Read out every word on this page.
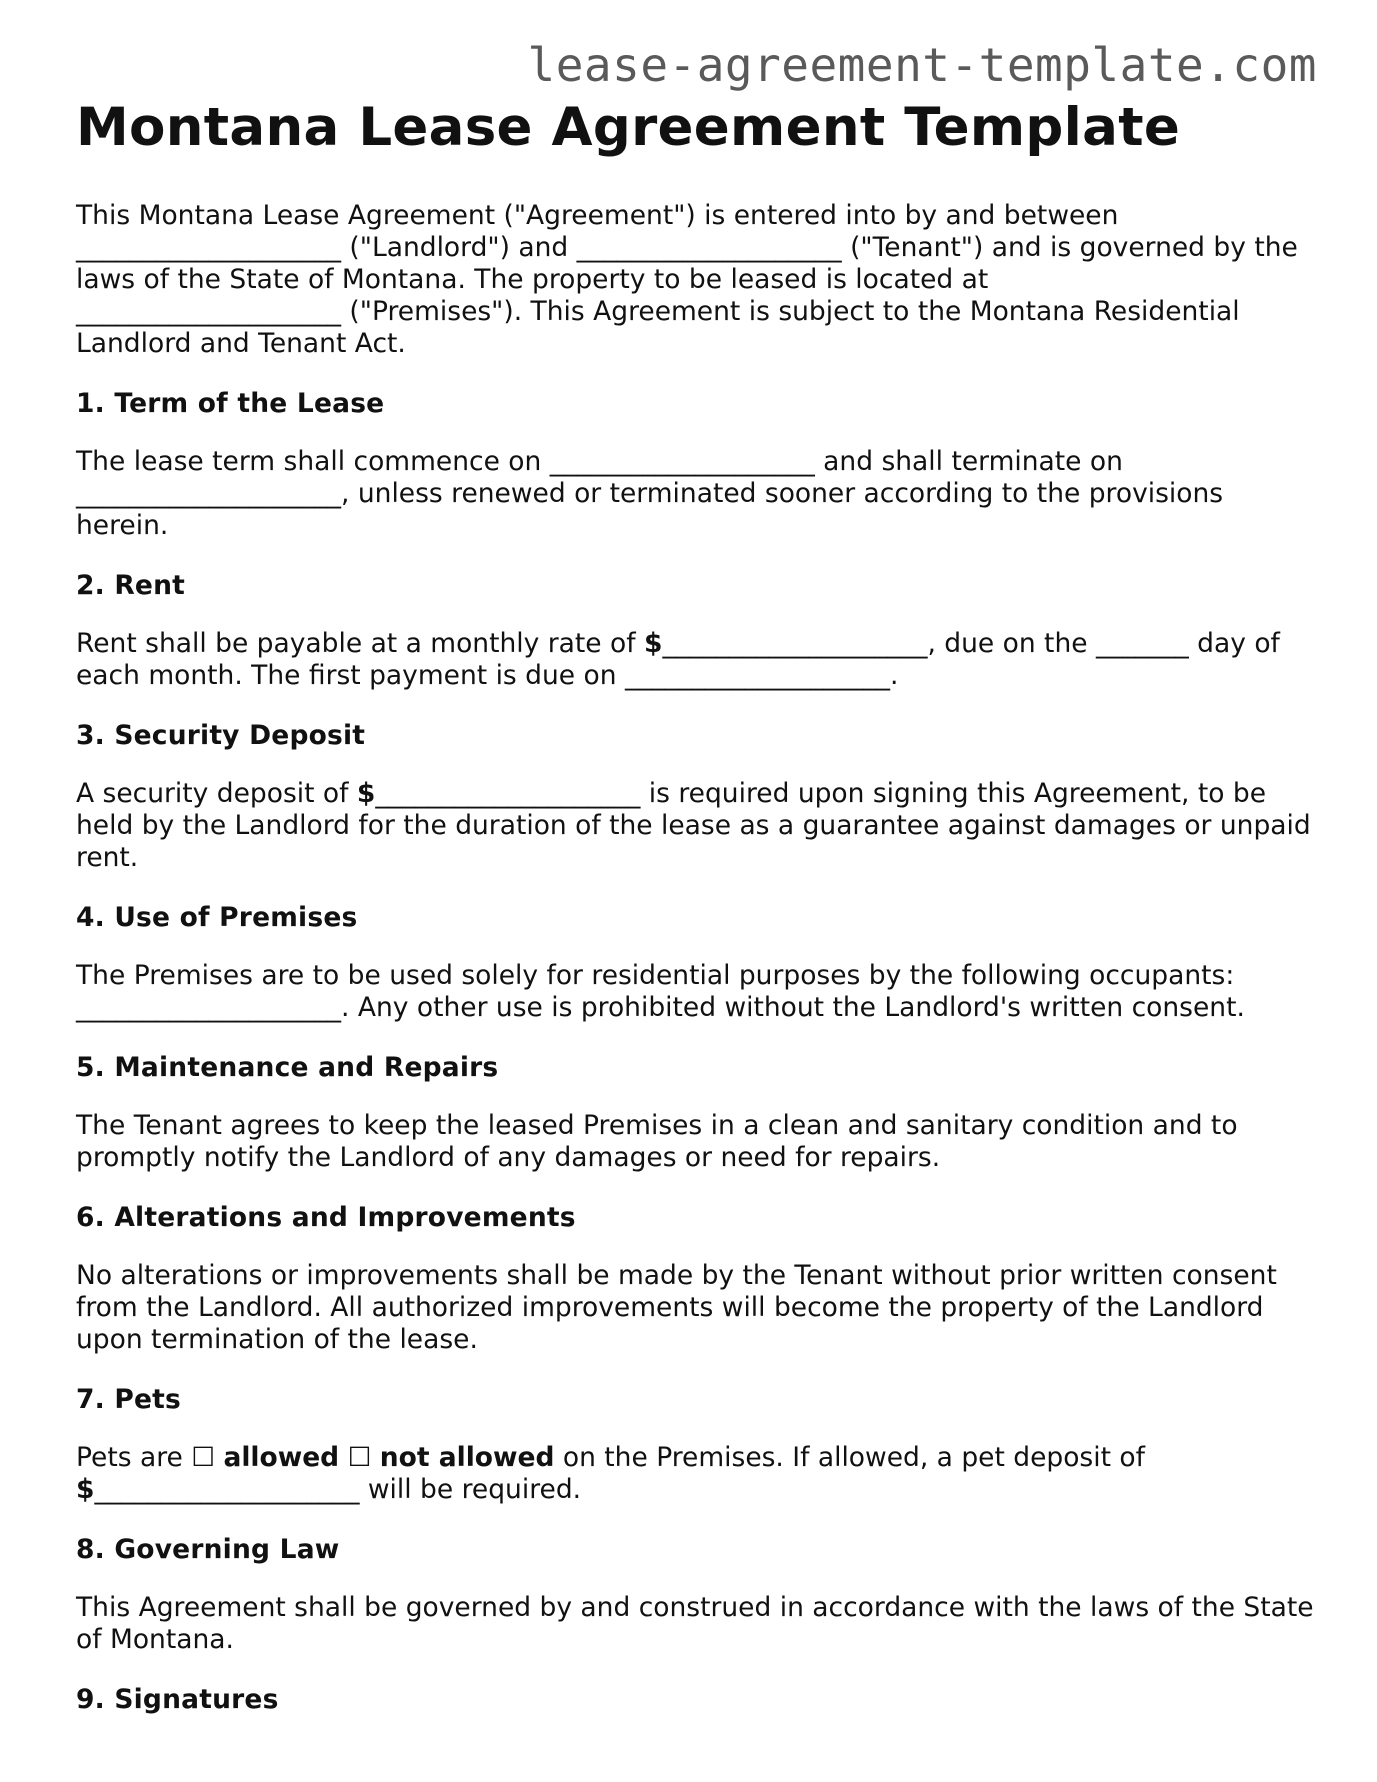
lease-agreement-template.com
Montana Lease Agreement Template

This Montana Lease Agreement ("Agreement") is entered into by and between
____________________ ("Landlord") and ____________________ ("Tenant") and is governed by the laws of the State of Montana. The property to be leased is located at
____________________ ("Premises"). This Agreement is subject to the Montana Residential Landlord and Tenant Act.

1. Term of the Lease

The lease term shall commence on ____________________ and shall terminate on
____________________, unless renewed or terminated sooner according to the provisions herein.

2. Rent

Rent shall be payable at a monthly rate of $____________________, due on the _______ day of each month. The first payment is due on ____________________.

3. Security Deposit

A security deposit of $____________________ is required upon signing this Agreement, to be held by the Landlord for the duration of the lease as a guarantee against damages or unpaid rent.

4. Use of Premises

The Premises are to be used solely for residential purposes by the following occupants:
____________________. Any other use is prohibited without the Landlord's written consent.

5. Maintenance and Repairs

The Tenant agrees to keep the leased Premises in a clean and sanitary condition and to promptly notify the Landlord of any damages or need for repairs.

6. Alterations and Improvements

No alterations or improvements shall be made by the Tenant without prior written consent from the Landlord. All authorized improvements will become the property of the Landlord upon termination of the lease.

7. Pets

Pets are ☐ allowed ☐ not allowed on the Premises. If allowed, a pet deposit of
$____________________ will be required.

8. Governing Law

This Agreement shall be governed by and construed in accordance with the laws of the State of Montana.

9. Signatures
